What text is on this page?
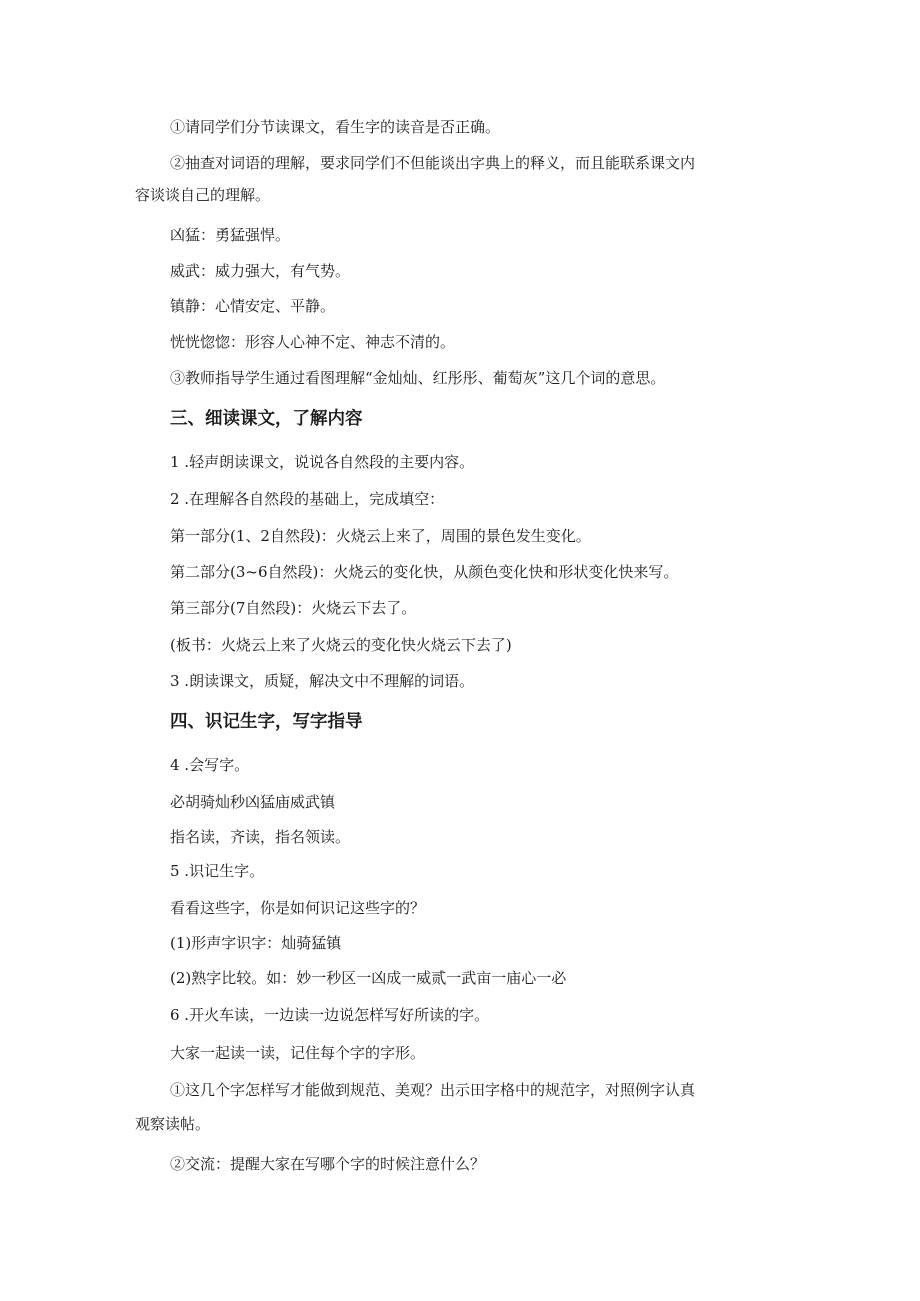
①请同学们分节读课文，看生字的读音是否正确。
②抽查对词语的理解，要求同学们不但能谈出字典上的释义，而且能联系课文内
容谈谈自己的理解。
凶猛：勇猛强悍。
威武：威力强大，有气势。
镇静：心情安定、平静。
恍恍惚惚：形容人心神不定、神志不清的。
③教师指导学生通过看图理解“金灿灿、红彤彤、葡萄灰”这几个词的意思。
三、细读课文，了解内容
1 .轻声朗读课文，说说各自然段的主要内容。
2 .在理解各自然段的基础上，完成填空：
第一部分(1、2自然段)：火烧云上来了，周围的景色发生变化。
第二部分(3~6自然段)：火烧云的变化快，从颜色变化快和形状变化快来写。
第三部分(7自然段)：火烧云下去了。
(板书：火烧云上来了火烧云的变化快火烧云下去了)
3 .朗读课文，质疑，解决文中不理解的词语。
四、识记生字，写字指导
4 .会写字。
必胡骑灿秒凶猛庙威武镇
指名读，齐读，指名领读。
5 .识记生字。
看看这些字，你是如何识记这些字的？
(1)形声字识字：灿骑猛镇
(2)熟字比较。如：妙一秒区一凶成一威贰一武亩一庙心一必
6 .开火车读，一边读一边说怎样写好所读的字。
大家一起读一读，记住每个字的字形。
①这几个字怎样写才能做到规范、美观？出示田字格中的规范字，对照例字认真
观察读帖。
②交流：提醒大家在写哪个字的时候注意什么？
